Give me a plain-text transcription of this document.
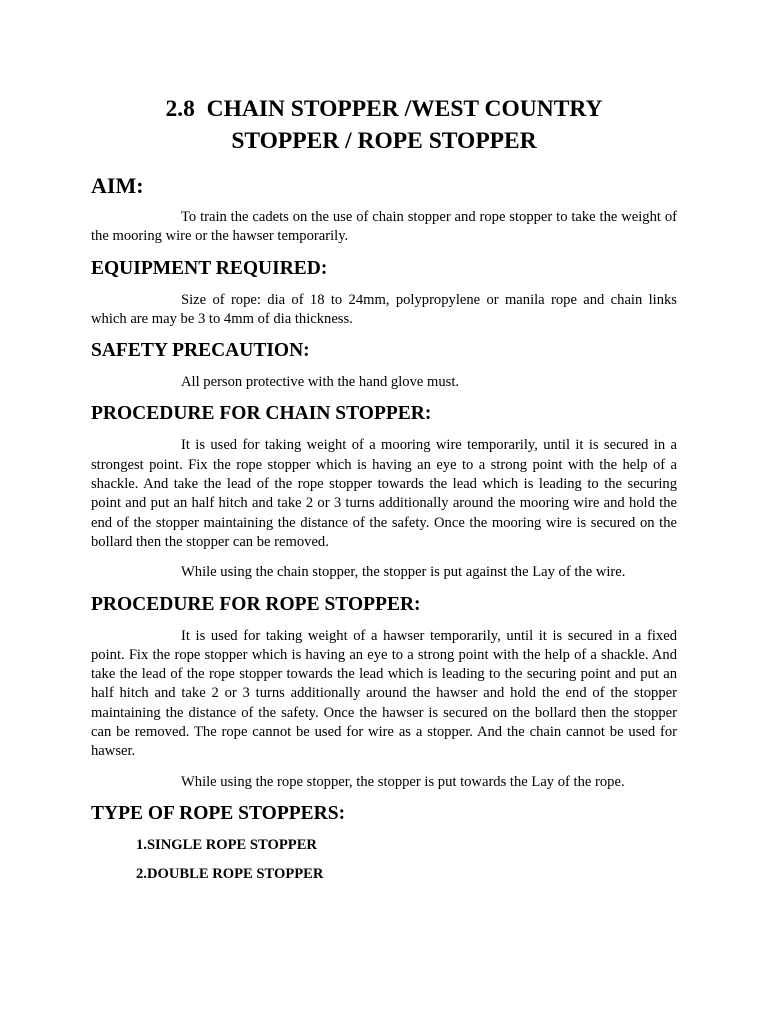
2.8  CHAIN STOPPER /WEST COUNTRY
STOPPER / ROPE STOPPER
AIM:

To train the cadets on the use of chain stopper and rope stopper to take the weight of the mooring wire or the hawser temporarily.

EQUIPMENT REQUIRED:

Size of rope: dia of 18 to 24mm, polypropylene or manila rope and chain links which are may be 3 to 4mm of dia thickness.

SAFETY PRECAUTION:

All person protective with the hand glove must.

PROCEDURE FOR CHAIN STOPPER:

It is used for taking weight of a mooring wire temporarily, until it is secured in a strongest point. Fix the rope stopper which is having an eye to a strong point with the help of a shackle. And take the lead of the rope stopper towards the lead which is leading to the securing point and put an half hitch and take 2 or 3 turns additionally around the mooring wire and hold the end of the stopper maintaining the distance of the safety. Once the mooring wire is secured on the bollard then the stopper can be removed.

While using the chain stopper, the stopper is put against the Lay of the wire.

PROCEDURE FOR ROPE STOPPER:

It is used for taking weight of a hawser temporarily, until it is secured in a fixed point. Fix the rope stopper which is having an eye to a strong point with the help of a shackle. And take the lead of the rope stopper towards the lead which is leading to the securing point and put an half hitch and take 2 or 3 turns additionally around the hawser and hold the end of the stopper maintaining the distance of the safety. Once the hawser is secured on the bollard then the stopper can be removed. The rope cannot be used for wire as a stopper. And the chain cannot be used for hawser.

While using the rope stopper, the stopper is put towards the Lay of the rope.

TYPE OF ROPE STOPPERS:
1.SINGLE ROPE STOPPER
2.DOUBLE ROPE STOPPER
